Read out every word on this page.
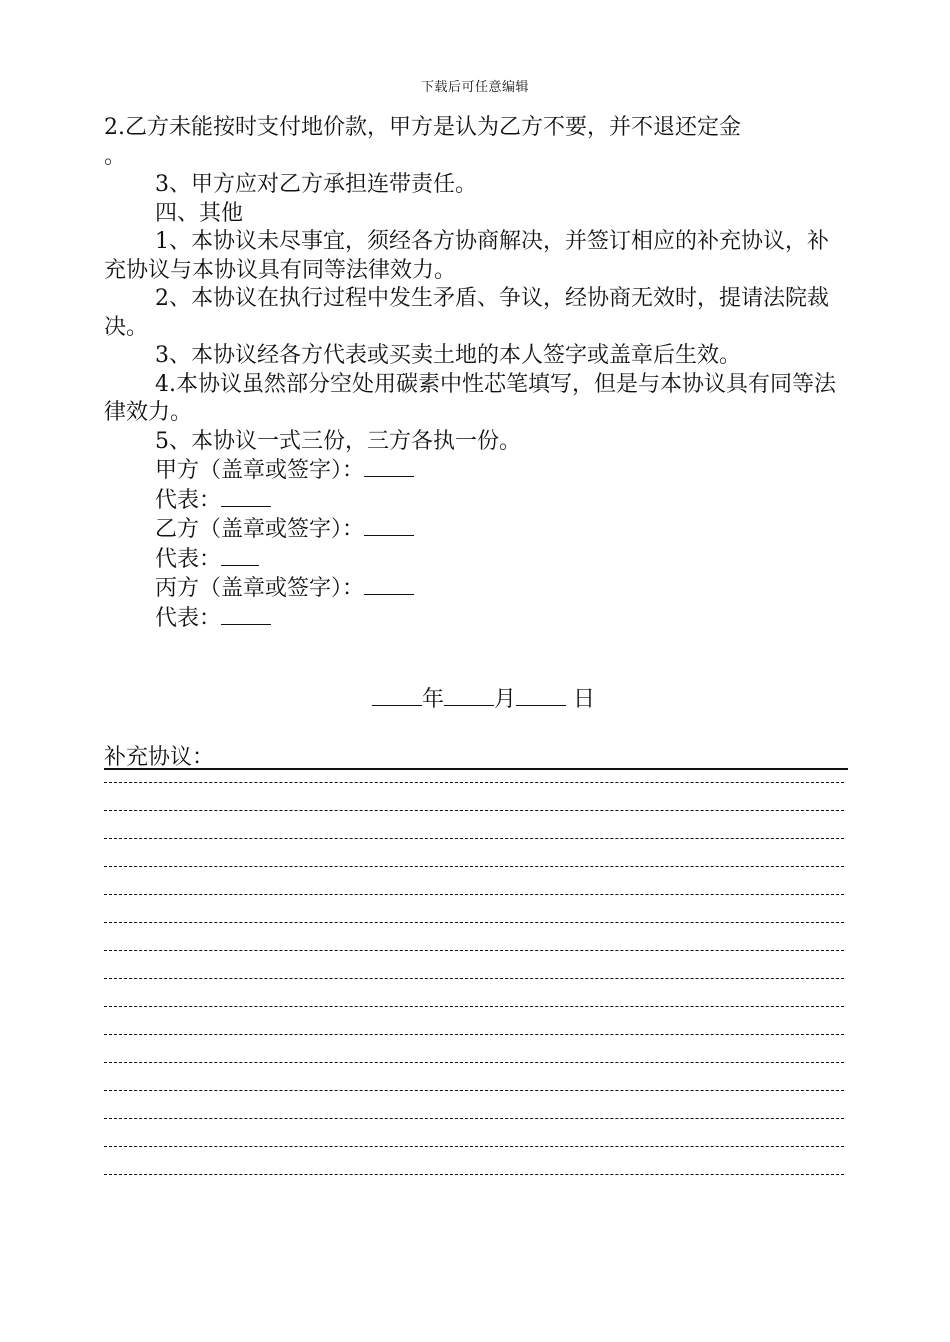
下载后可任意编辑
2.乙方未能按时支付地价款，甲方是认为乙方不要，并不退还定金
。
3、甲方应对乙方承担连带责任。
四、其他
1、本协议未尽事宜，须经各方协商解决，并签订相应的补充协议，补充协议与本协议具有同等法律效力。
2、本协议在执行过程中发生矛盾、争议，经协商无效时，提请法院裁决。
3、本协议经各方代表或买卖土地的本人签字或盖章后生效。
4.本协议虽然部分空处用碳素中性芯笔填写，但是与本协议具有同等法律效力。
5、本协议一式三份，三方各执一份。
甲方（盖章或签字）：
代表：
乙方（盖章或签字）：
代表：
丙方（盖章或签字）：
代表：
年 月	日
补充协议：
